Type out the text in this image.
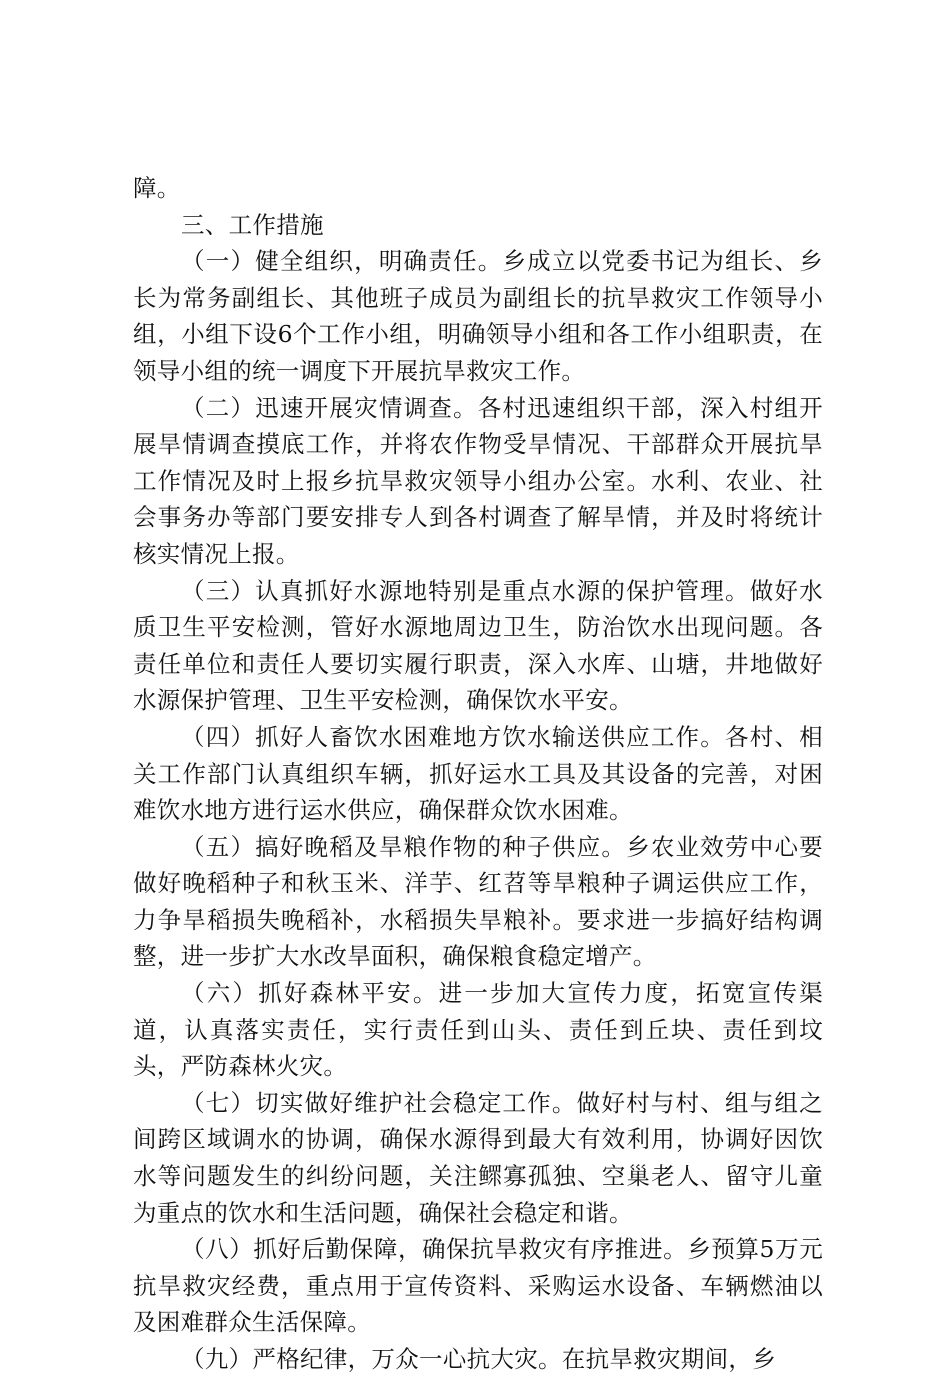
障。

三、工作措施

（一）健全组织，明确责任。乡成立以党委书记为组长、乡长为常务副组长、其他班子成员为副组长的抗旱救灾工作领导小组，小组下设6个工作小组，明确领导小组和各工作小组职责，在领导小组的统一调度下开展抗旱救灾工作。

（二）迅速开展灾情调查。各村迅速组织干部，深入村组开展旱情调查摸底工作，并将农作物受旱情况、干部群众开展抗旱工作情况及时上报乡抗旱救灾领导小组办公室。水利、农业、社会事务办等部门要安排专人到各村调查了解旱情，并及时将统计核实情况上报。

（三）认真抓好水源地特别是重点水源的保护管理。做好水质卫生平安检测，管好水源地周边卫生，防治饮水出现问题。各责任单位和责任人要切实履行职责，深入水库、山塘，井地做好水源保护管理、卫生平安检测，确保饮水平安。

（四）抓好人畜饮水困难地方饮水输送供应工作。各村、相关工作部门认真组织车辆，抓好运水工具及其设备的完善，对困难饮水地方进行运水供应，确保群众饮水困难。

（五）搞好晚稻及旱粮作物的种子供应。乡农业效劳中心要做好晚稻种子和秋玉米、洋芋、红苕等旱粮种子调运供应工作，力争旱稻损失晚稻补，水稻损失旱粮补。要求进一步搞好结构调整，进一步扩大水改旱面积，确保粮食稳定增产。

（六）抓好森林平安。进一步加大宣传力度，拓宽宣传渠道，认真落实责任，实行责任到山头、责任到丘块、责任到坟头，严防森林火灾。

（七）切实做好维护社会稳定工作。做好村与村、组与组之间跨区域调水的协调，确保水源得到最大有效利用，协调好因饮水等问题发生的纠纷问题，关注鳏寡孤独、空巢老人、留守儿童为重点的饮水和生活问题，确保社会稳定和谐。

（八）抓好后勤保障，确保抗旱救灾有序推进。乡预算5万元抗旱救灾经费，重点用于宣传资料、采购运水设备、车辆燃油以及困难群众生活保障。

（九）严格纪律，万众一心抗大灾。在抗旱救灾期间，乡
